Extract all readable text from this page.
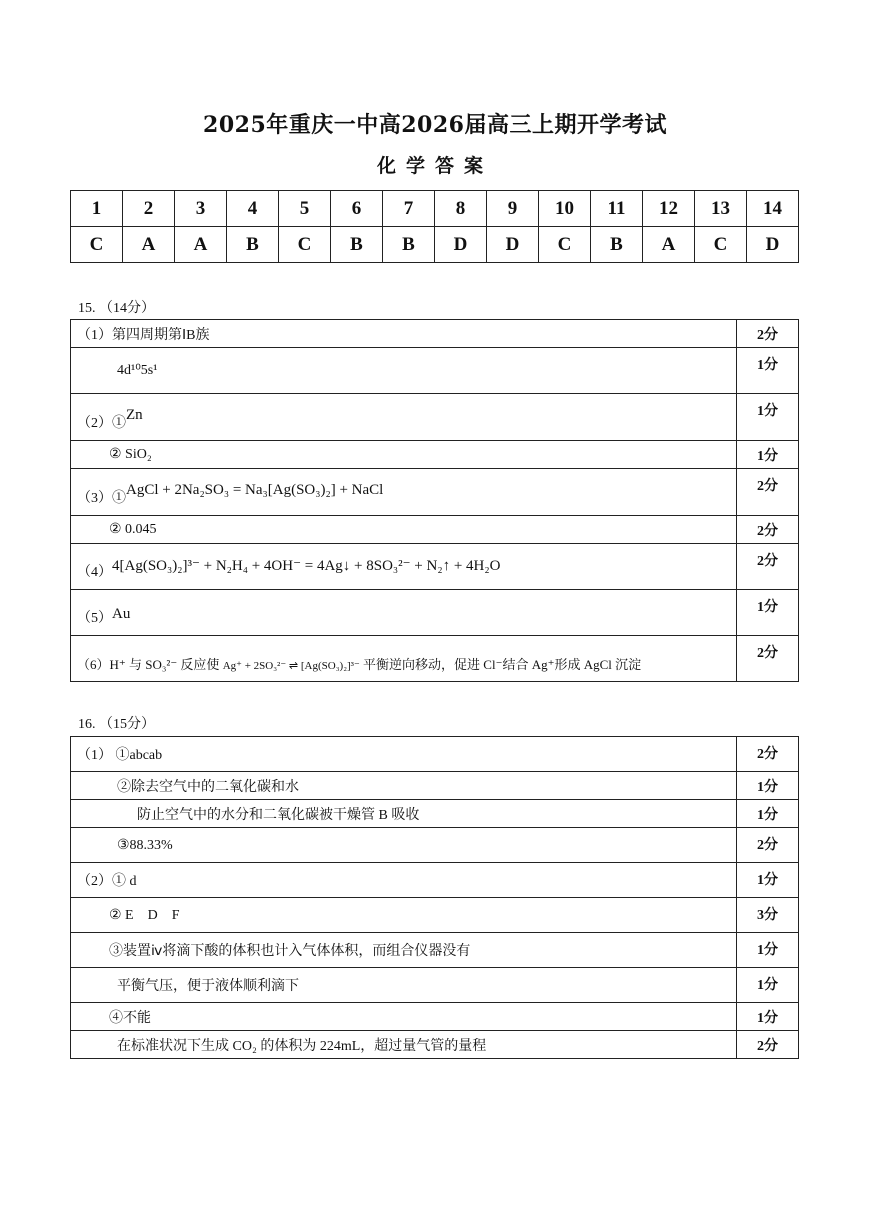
2025年重庆一中高2026届高三上期开学考试
化学答案
1	2	3	4	5	6	7	8	9	10	11	12	13	14
C	A	A	B	C	B	B	D	D	C	B	A	C	D
15. （14分）
（1）第四周期第ⅠB族	2分
4d¹⁰5s¹	1分
（2）①Zn	1分
② SiO₂	1分
（3）①AgCl + 2Na₂SO₃ = Na₃[Ag(SO₃)₂] + NaCl	2分
② 0.045	2分
（4）4[Ag(SO₃)₂]³⁻ + N₂H₄ + 4OH⁻ = 4Ag↓ + 8SO₃²⁻ + N₂↑ + 4H₂O	2分
（5）Au	1分
（6）H⁺ 与 SO₃²⁻ 反应使 Ag⁺ + 2SO₃²⁻ ⇌ [Ag(SO₃)₂]³⁻ 平衡逆向移动，促进 Cl⁻结合 Ag⁺形成 AgCl 沉淀	2分
16. （15分）
（1） ①abcab	2分
②除去空气中的二氧化碳和水	1分
防止空气中的水分和二氧化碳被干燥管 B 吸收	1分
③88.33%	2分
（2）① d	1分
② E    D    F	3分
③装置ⅳ将滴下酸的体积也计入气体体积，而组合仪器没有	1分
平衡气压，便于液体顺利滴下	1分
④不能	1分
在标准状况下生成 CO₂ 的体积为 224mL，超过量气管的量程	2分
